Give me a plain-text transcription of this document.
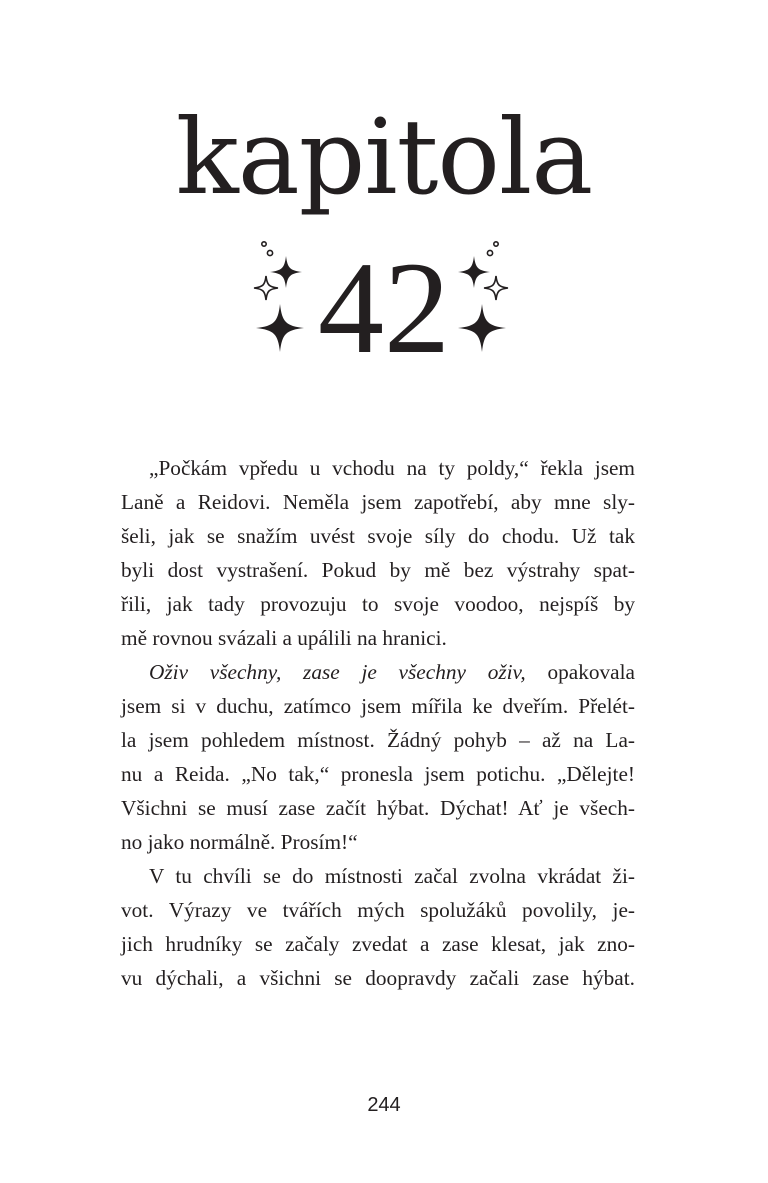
kapitola
42
„Počkám vpředu u vchodu na ty poldy,“ řekla jsem
Laně a Reidovi. Neměla jsem zapotřebí, aby mne sly-
šeli, jak se snažím uvést svoje síly do chodu. Už tak
byli dost vystrašení. Pokud by mě bez výstrahy spat-
řili, jak tady provozuju to svoje voodoo, nejspíš by
mě rovnou svázali a upálili na hranici.
Oživ všechny, zase je všechny oživ, opakovala
jsem si v duchu, zatímco jsem mířila ke dveřím. Přelét-
la jsem pohledem místnost. Žádný pohyb – až na La-
nu a Reida. „No tak,“ pronesla jsem potichu. „Dělejte!
Všichni se musí zase začít hýbat. Dýchat! Ať je všech-
no jako normálně. Prosím!“
V tu chvíli se do místnosti začal zvolna vkrádat ži-
vot. Výrazy ve tvářích mých spolužáků povolily, je-
jich hrudníky se začaly zvedat a zase klesat, jak zno-
vu dýchali, a všichni se doopravdy začali zase hýbat.
244
